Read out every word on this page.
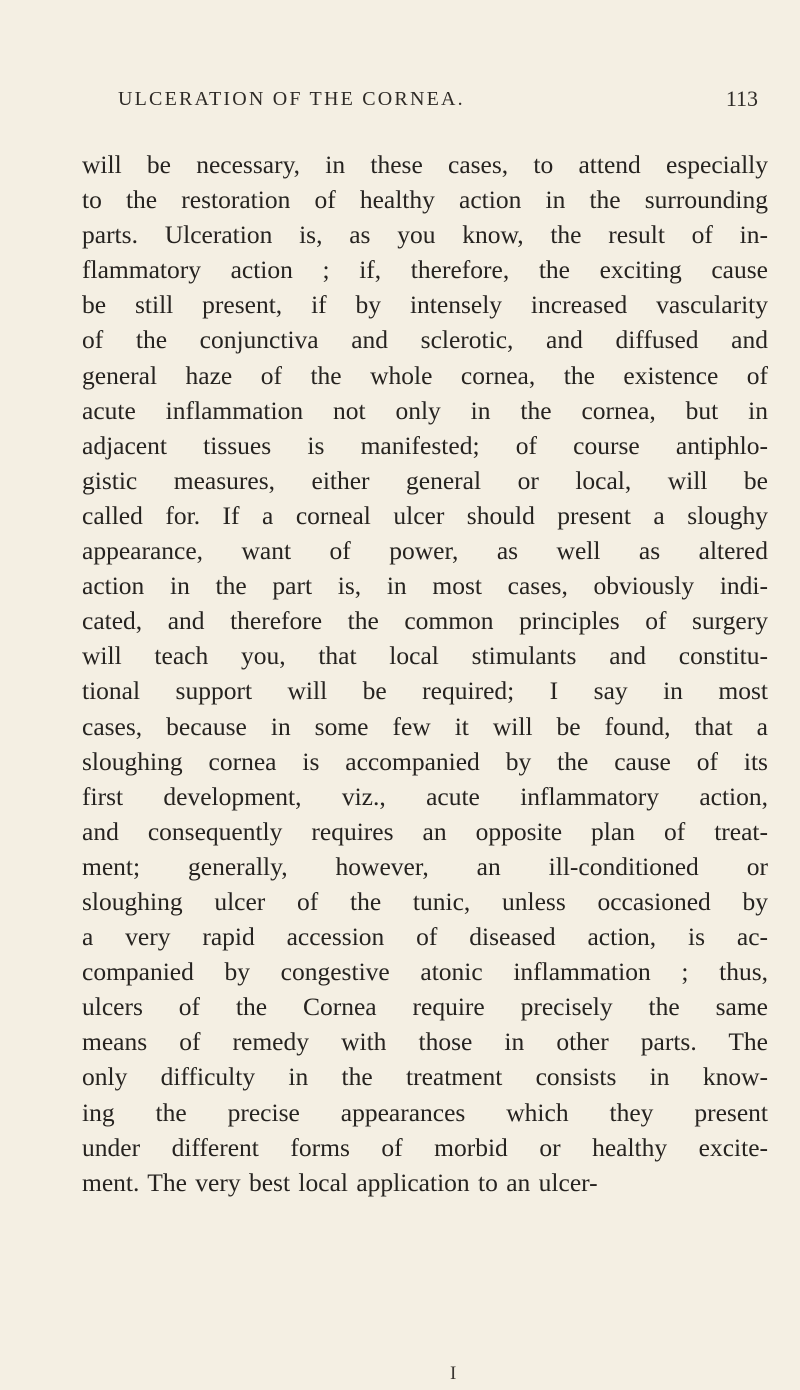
ULCERATION OF THE CORNEA.	113
will be necessary, in these cases, to attend especially
to the restoration of healthy action in the surrounding
parts. Ulceration is, as you know, the result of in-
flammatory action ; if, therefore, the exciting cause
be still present, if by intensely increased vascularity
of the conjunctiva and sclerotic, and diffused and
general haze of the whole cornea, the existence of
acute inflammation not only in the cornea, but in
adjacent tissues is manifested; of course antiphlo-
gistic measures, either general or local, will be
called for. If a corneal ulcer should present a sloughy
appearance, want of power, as well as altered
action in the part is, in most cases, obviously indi-
cated, and therefore the common principles of surgery
will teach you, that local stimulants and constitu-
tional support will be required; I say in most
cases, because in some few it will be found, that a
sloughing cornea is accompanied by the cause of its
first development, viz., acute inflammatory action,
and consequently requires an opposite plan of treat-
ment; generally, however, an ill-conditioned or
sloughing ulcer of the tunic, unless occasioned by
a very rapid accession of diseased action, is ac-
companied by congestive atonic inflammation ; thus,
ulcers of the Cornea require precisely the same
means of remedy with those in other parts. The
only difficulty in the treatment consists in know-
ing the precise appearances which they present
under different forms of morbid or healthy excite-
ment. The very best local application to an ulcer-
I
